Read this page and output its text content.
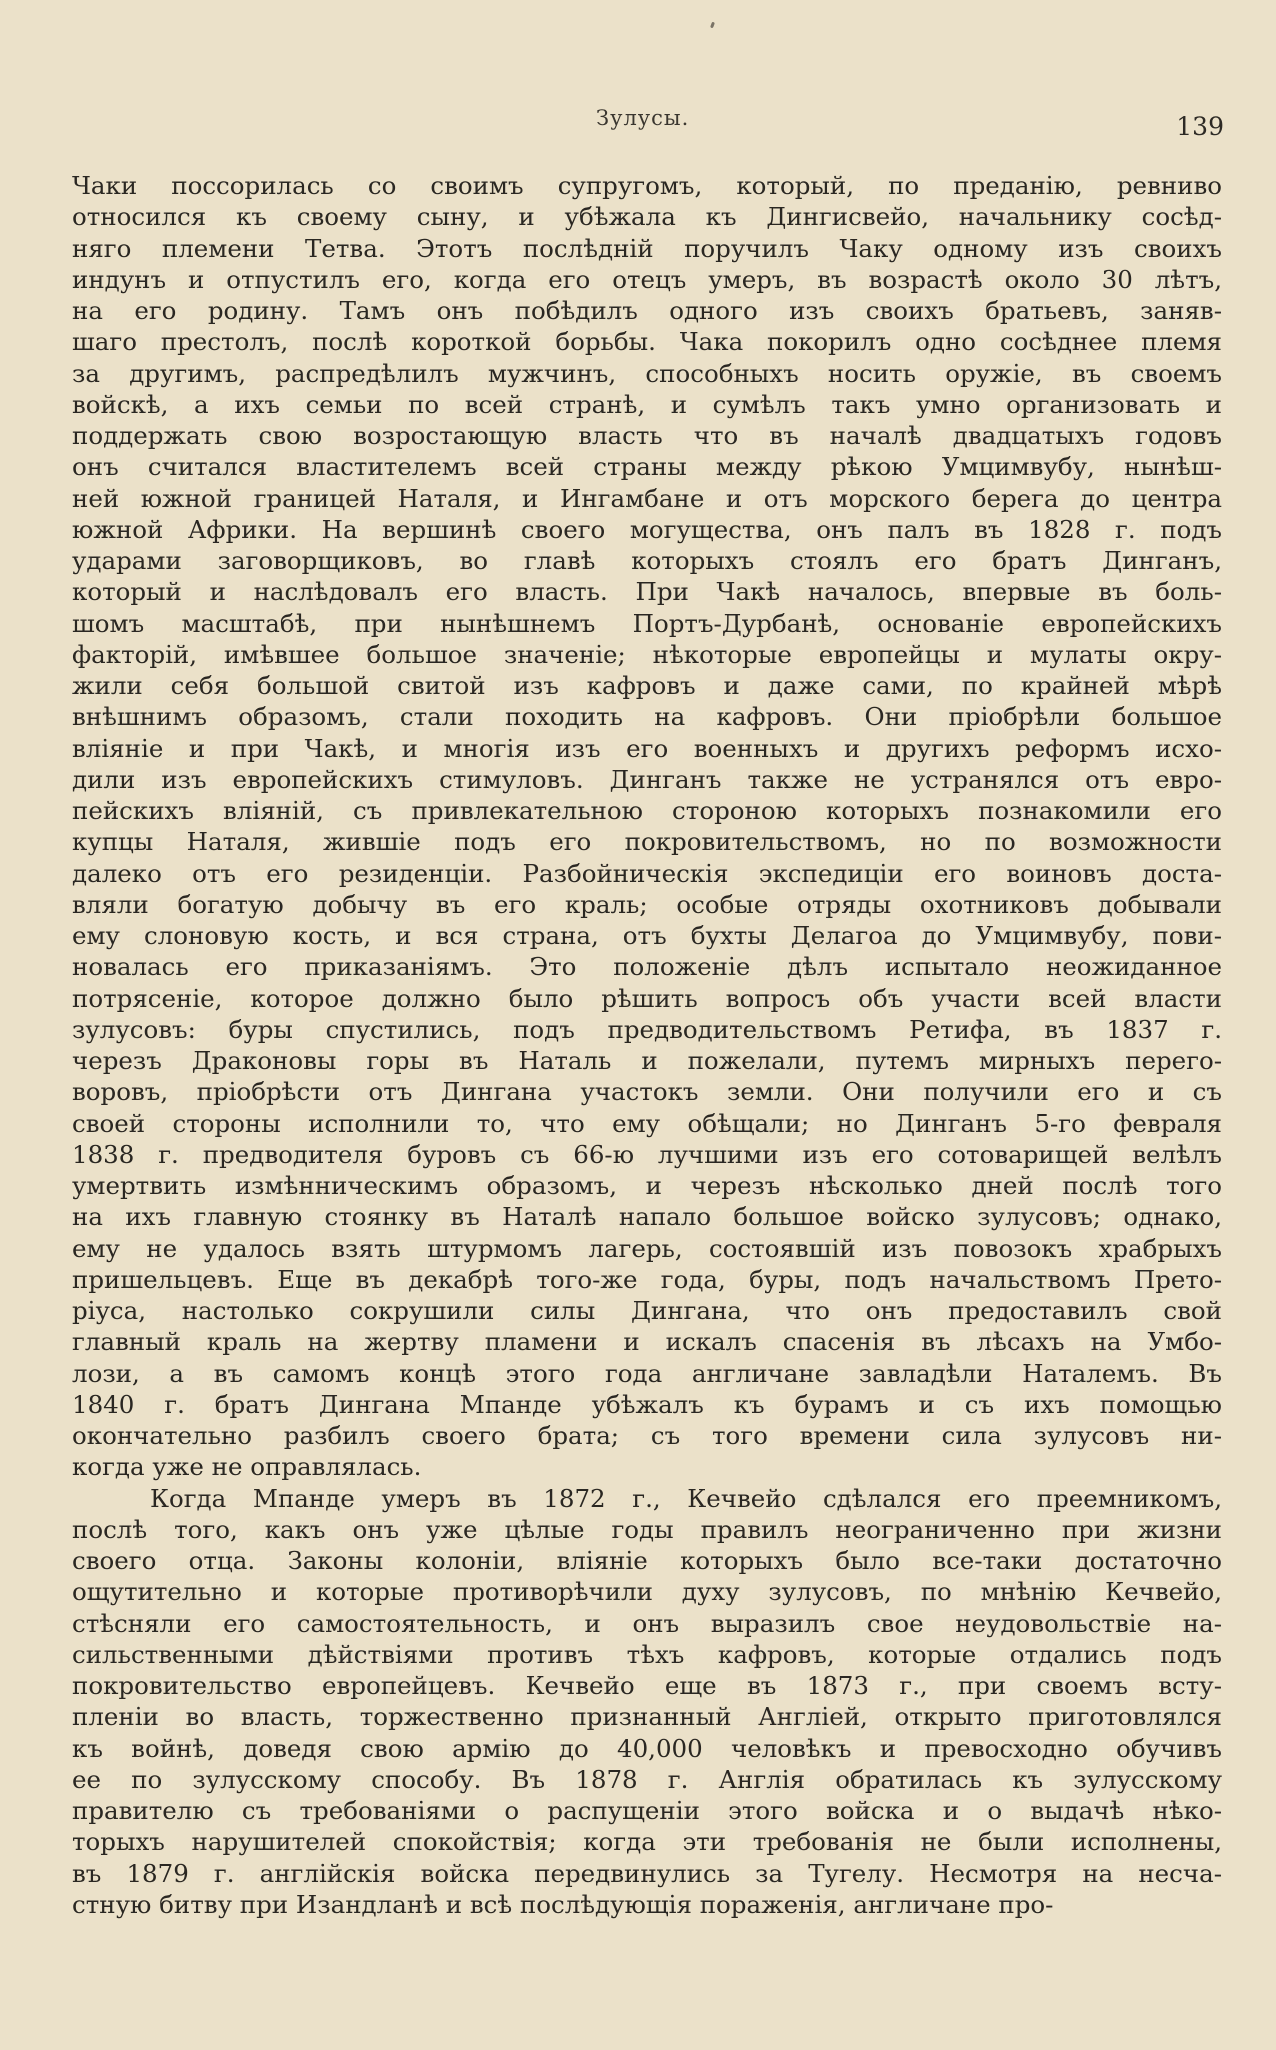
Зулусы.	139
Чаки поссорилась со своимъ супругомъ, который, по преданію, ревниво
относился къ своему сыну, и убѣжала къ Дингисвейо, начальнику сосѣд-
няго племени Тетва. Этотъ послѣдній поручилъ Чаку одному изъ своихъ
индунъ и отпустилъ его, когда его отецъ умеръ, въ возрастѣ около 30 лѣтъ,
на его родину. Тамъ онъ побѣдилъ одного изъ своихъ братьевъ, заняв-
шаго престолъ, послѣ короткой борьбы. Чака покорилъ одно сосѣднее племя
за другимъ, распредѣлилъ мужчинъ, способныхъ носить оружіе, въ своемъ
войскѣ, а ихъ семьи по всей странѣ, и сумѣлъ такъ умно организовать и
поддержать свою возростающую власть что въ началѣ двадцатыхъ годовъ
онъ считался властителемъ всей страны между рѣкою Умцимвубу, нынѣш-
ней южной границей Наталя, и Ингамбане и отъ морского берега до центра
южной Африки. На вершинѣ своего могущества, онъ палъ въ 1828 г. подъ
ударами заговорщиковъ, во главѣ которыхъ стоялъ его братъ Динганъ,
который и наслѣдовалъ его власть. При Чакѣ началось, впервые въ боль-
шомъ масштабѣ, при нынѣшнемъ Портъ-Дурбанѣ, основаніе европейскихъ
факторій, имѣвшее большое значеніе; нѣкоторые европейцы и мулаты окру-
жили себя большой свитой изъ кафровъ и даже сами, по крайней мѣрѣ
внѣшнимъ образомъ, стали походить на кафровъ. Они пріобрѣли большое
вліяніе и при Чакѣ, и многія изъ его военныхъ и другихъ реформъ исхо-
дили изъ европейскихъ стимуловъ. Динганъ также не устранялся отъ евро-
пейскихъ вліяній, съ привлекательною стороною которыхъ познакомили его
купцы Наталя, жившіе подъ его покровительствомъ, но по возможности
далеко отъ его резиденціи. Разбойническія экспедиціи его воиновъ доста-
вляли богатую добычу въ его краль; особые отряды охотниковъ добывали
ему слоновую кость, и вся страна, отъ бухты Делагоа до Умцимвубу, пови-
новалась его приказаніямъ. Это положеніе дѣлъ испытало неожиданное
потрясеніе, которое должно было рѣшить вопросъ объ участи всей власти
зулусовъ: буры спустились, подъ предводительствомъ Ретифа, въ 1837 г.
черезъ Драконовы горы въ Наталь и пожелали, путемъ мирныхъ перего-
воровъ, пріобрѣсти отъ Дингана участокъ земли. Они получили его и съ
своей стороны исполнили то, что ему обѣщали; но Динганъ 5-го февраля
1838 г. предводителя буровъ съ 66-ю лучшими изъ его сотоварищей велѣлъ
умертвить измѣнническимъ образомъ, и черезъ нѣсколько дней послѣ того
на ихъ главную стоянку въ Наталѣ напало большое войско зулусовъ; однако,
ему не удалось взять штурмомъ лагерь, состоявшій изъ повозокъ храбрыхъ
пришельцевъ. Еще въ декабрѣ того-же года, буры, подъ начальствомъ Прето-
ріуса, настолько сокрушили силы Дингана, что онъ предоставилъ свой
главный краль на жертву пламени и искалъ спасенія въ лѣсахъ на Умбо-
лози, а въ самомъ концѣ этого года англичане завладѣли Наталемъ. Въ
1840 г. братъ Дингана Мпанде убѣжалъ къ бурамъ и съ ихъ помощью
окончательно разбилъ своего брата; съ того времени сила зулусовъ ни-
когда уже не оправлялась.
Когда Мпанде умеръ въ 1872 г., Кечвейо сдѣлался его преемникомъ,
послѣ того, какъ онъ уже цѣлые годы правилъ неограниченно при жизни
своего отца. Законы колоніи, вліяніе которыхъ было все-таки достаточно
ощутительно и которые противорѣчили духу зулусовъ, по мнѣнію Кечвейо,
стѣсняли его самостоятельность, и онъ выразилъ свое неудовольствіе на-
сильственными дѣйствіями противъ тѣхъ кафровъ, которые отдались подъ
покровительство европейцевъ. Кечвейо еще въ 1873 г., при своемъ всту-
пленіи во власть, торжественно признанный Англіей, открыто приготовлялся
къ войнѣ, доведя свою армію до 40,000 человѣкъ и превосходно обучивъ
ее по зулусскому способу. Въ 1878 г. Англія обратилась къ зулусскому
правителю съ требованіями о распущеніи этого войска и о выдачѣ нѣко-
торыхъ нарушителей спокойствія; когда эти требованія не были исполнены,
въ 1879 г. англійскія войска передвинулись за Тугелу. Несмотря на несча-
стную битву при Изандланѣ и всѣ послѣдующія пораженія, англичане про-
